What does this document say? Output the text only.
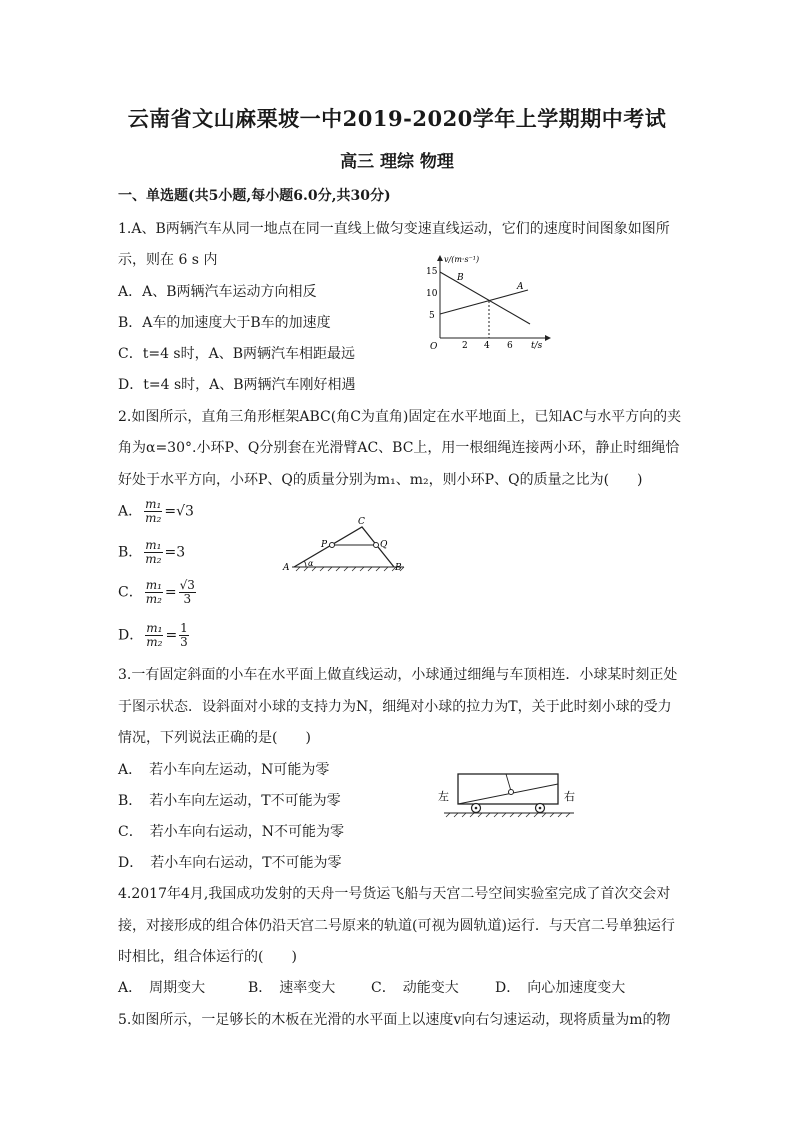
云南省文山麻栗坡一中2019-2020学年上学期期中考试
高三 理综 物理
一、单选题(共5小题,每小题6.0分,共30分)
1.A、B两辆汽车从同一地点在同一直线上做匀变速直线运动，它们的速度时间图象如图所
示，则在 6 s 内
A．A、B两辆汽车运动方向相反
B．A车的加速度大于B车的加速度
C．t=4 s时，A、B两辆汽车相距最远
D．t=4 s时，A、B两辆汽车刚好相遇
v/(m·s⁻¹)
t/s
O
15
10
5
2 4 6
B
A
2.如图所示，直角三角形框架ABC(角C为直角)固定在水平地面上，已知AC与水平方向的夹
角为α=30°.小环P、Q分别套在光滑臂AC、BC上，用一根细绳连接两小环，静止时细绳恰
好处于水平方向，小环P、Q的质量分别为m₁、m₂，则小环P、Q的质量之比为(　　)
A． $\frac{\text{m₁}}{\text{m₂}} =√3$
B． $\frac{\text{m₁}}{\text{m₂}} =3$
C． $\frac{\text{m₁}}{\text{m₂}} = \frac{√3}{3}$
D． $\frac{\text{m₁}}{\text{m₂}} = \frac{1}{3}$
A	B
C
P	Q
α
3.一有固定斜面的小车在水平面上做直线运动，小球通过细绳与车顶相连．小球某时刻正处
于图示状态．设斜面对小球的支持力为N，细绳对小球的拉力为T，关于此时刻小球的受力
情况，下列说法正确的是(　　)
A．　若小车向左运动，N可能为零
B．　若小车向左运动，T不可能为零
C．　若小车向右运动，N不可能为零
D．　若小车向右运动，T不可能为零
左	右
4.2017年4月,我国成功发射的天舟一号货运飞船与天宫二号空间实验室完成了首次交会对
接，对接形成的组合体仍沿天宫二号原来的轨道(可视为圆轨道)运行．与天宫二号单独运行
时相比，组合体运行的(　　)
A．　周期变大	B．　速率变大	C．　动能变大	D．　向心加速度变大
5.如图所示，一足够长的木板在光滑的水平面上以速度v向右匀速运动，现将质量为m的物
